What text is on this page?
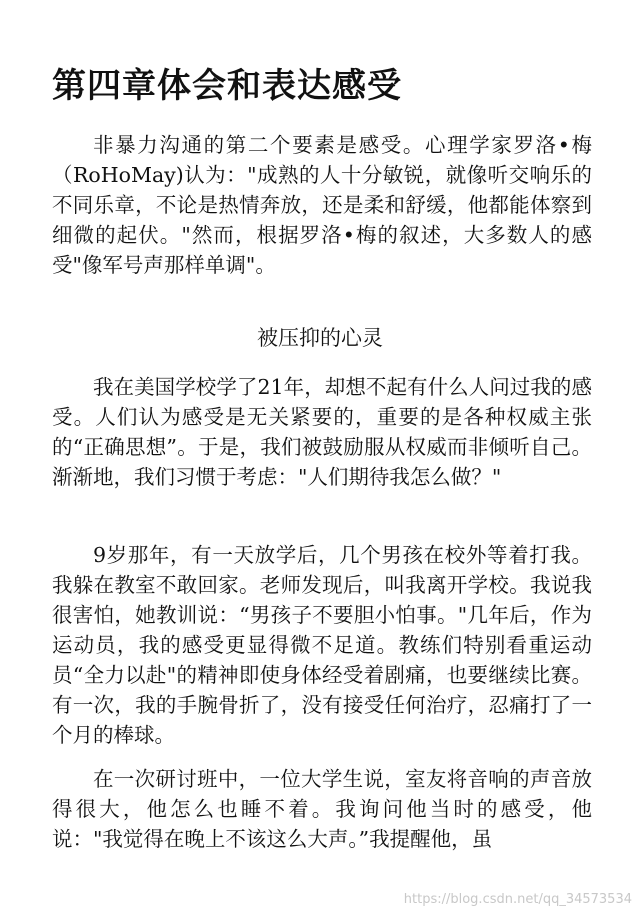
第四章体会和表达感受

非暴力沟通的第二个要素是感受。心理学家罗洛•梅（RoHoMay)认为："成熟的人十分敏锐，就像听交响乐的不同乐章，不论是热情奔放，还是柔和舒缓，他都能体察到细微的起伏。"然而，根据罗洛•梅的叙述，大多数人的感受"像军号声那样单调"。

被压抑的心灵

我在美国学校学了21年，却想不起有什么人问过我的感受。人们认为感受是无关紧要的，重要的是各种权威主张的“正确思想”。于是，我们被鼓励服从权威而非倾听自己。渐渐地，我们习惯于考虑："人们期待我怎么做？"

9岁那年，有一天放学后，几个男孩在校外等着打我。我躲在教室不敢回家。老师发现后，叫我离开学校。我说我很害怕，她教训说：“男孩子不要胆小怕事。"几年后，作为运动员，我的感受更显得微不足道。教练们特别看重运动员“全力以赴"的精神即使身体经受着剧痛，也要继续比赛。有一次，我的手腕骨折了，没有接受任何治疗，忍痛打了一个月的棒球。

在一次研讨班中，一位大学生说，室友将音响的声音放得很大，他怎么也睡不着。我询问他当时的感受，他说："我觉得在晚上不该这么大声。”我提醒他，虽

https://blog.csdn.net/qq_34573534
